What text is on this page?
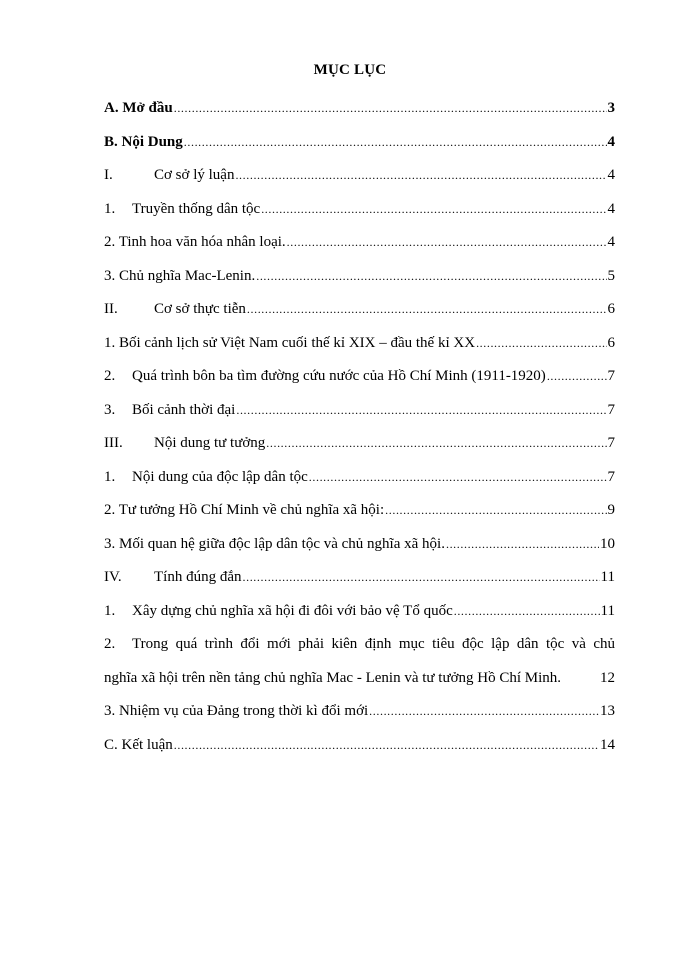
MỤC LỤC
A. Mở đầu .....	3
B. Nội Dung .....	4
I.	Cơ sở lý luận .....	4
1. Truyền thống dân tộc .....	4
2. Tinh hoa văn hóa nhân loại. .....	4
3. Chủ nghĩa Mac-Lenin. .....	5
II. Cơ sở thực tiễn .....	6
1. Bối cảnh lịch sử Việt Nam cuối thế kỉ XIX – đầu thế kỉ XX .....	6
2. Quá trình bôn ba tìm đường cứu nước của Hồ Chí Minh (1911-1920) .....	7
3. Bối cảnh thời đại .....	7
III. Nội dung tư tưởng .....	7
1. Nội dung của độc lập dân tộc .....	7
2. Tư tưởng Hồ Chí Minh về chủ nghĩa xã hội: .....	9
3. Mối quan hệ giữa độc lập dân tộc và chủ nghĩa xã hội. .....	10
IV. Tính đúng đắn .....	11
1. Xây dựng chủ nghĩa xã hội đi đôi với bảo vệ Tổ quốc .....	11
2. Trong quá trình đổi mới phải kiên định mục tiêu độc lập dân tộc và chủ
nghĩa xã hội trên nền tảng chủ nghĩa Mac - Lenin và tư tưởng Hồ Chí Minh.	12
3. Nhiệm vụ của Đảng trong thời kì đổi mới .....	13
C. Kết luận .....	14
